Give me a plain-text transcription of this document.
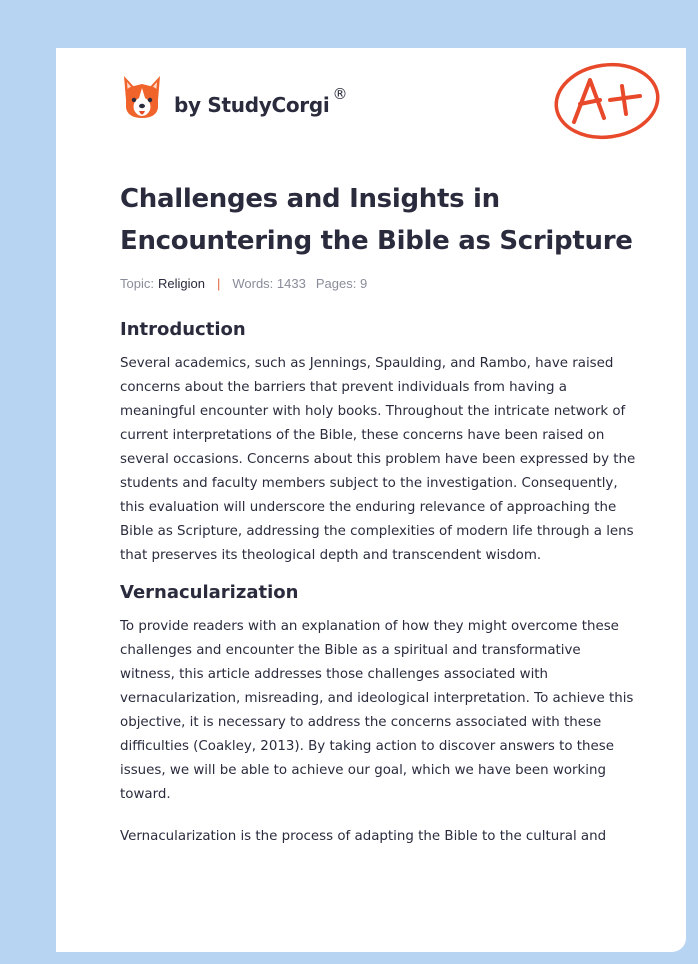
by StudyCorgi ®
Challenges and Insights in Encountering the Bible as Scripture
Topic: Religion | Words:
1433 Pages:
9
Introduction

Several academics, such as Jennings, Spaulding, and Rambo, have raised concerns about the barriers that prevent individuals from having a meaningful encounter with holy books. Throughout the intricate network of current interpretations of the Bible, these concerns have been raised on several occasions. Concerns about this problem have been expressed by the students and faculty members subject to the investigation. Consequently, this evaluation will underscore the enduring relevance of approaching the Bible as Scripture, addressing the complexities of modern life through a lens that preserves its theological depth and transcendent wisdom.

Vernacularization

To provide readers with an explanation of how they might overcome these challenges and encounter the Bible as a spiritual and transformative witness, this article addresses those challenges associated with vernacularization, misreading, and ideological interpretation. To achieve this objective, it is necessary to address the concerns associated with these difficulties (Coakley, 2013). By taking action to discover answers to these issues, we will be able to achieve our goal, which we have been working toward.

Vernacularization is the process of adapting the Bible to the cultural and
